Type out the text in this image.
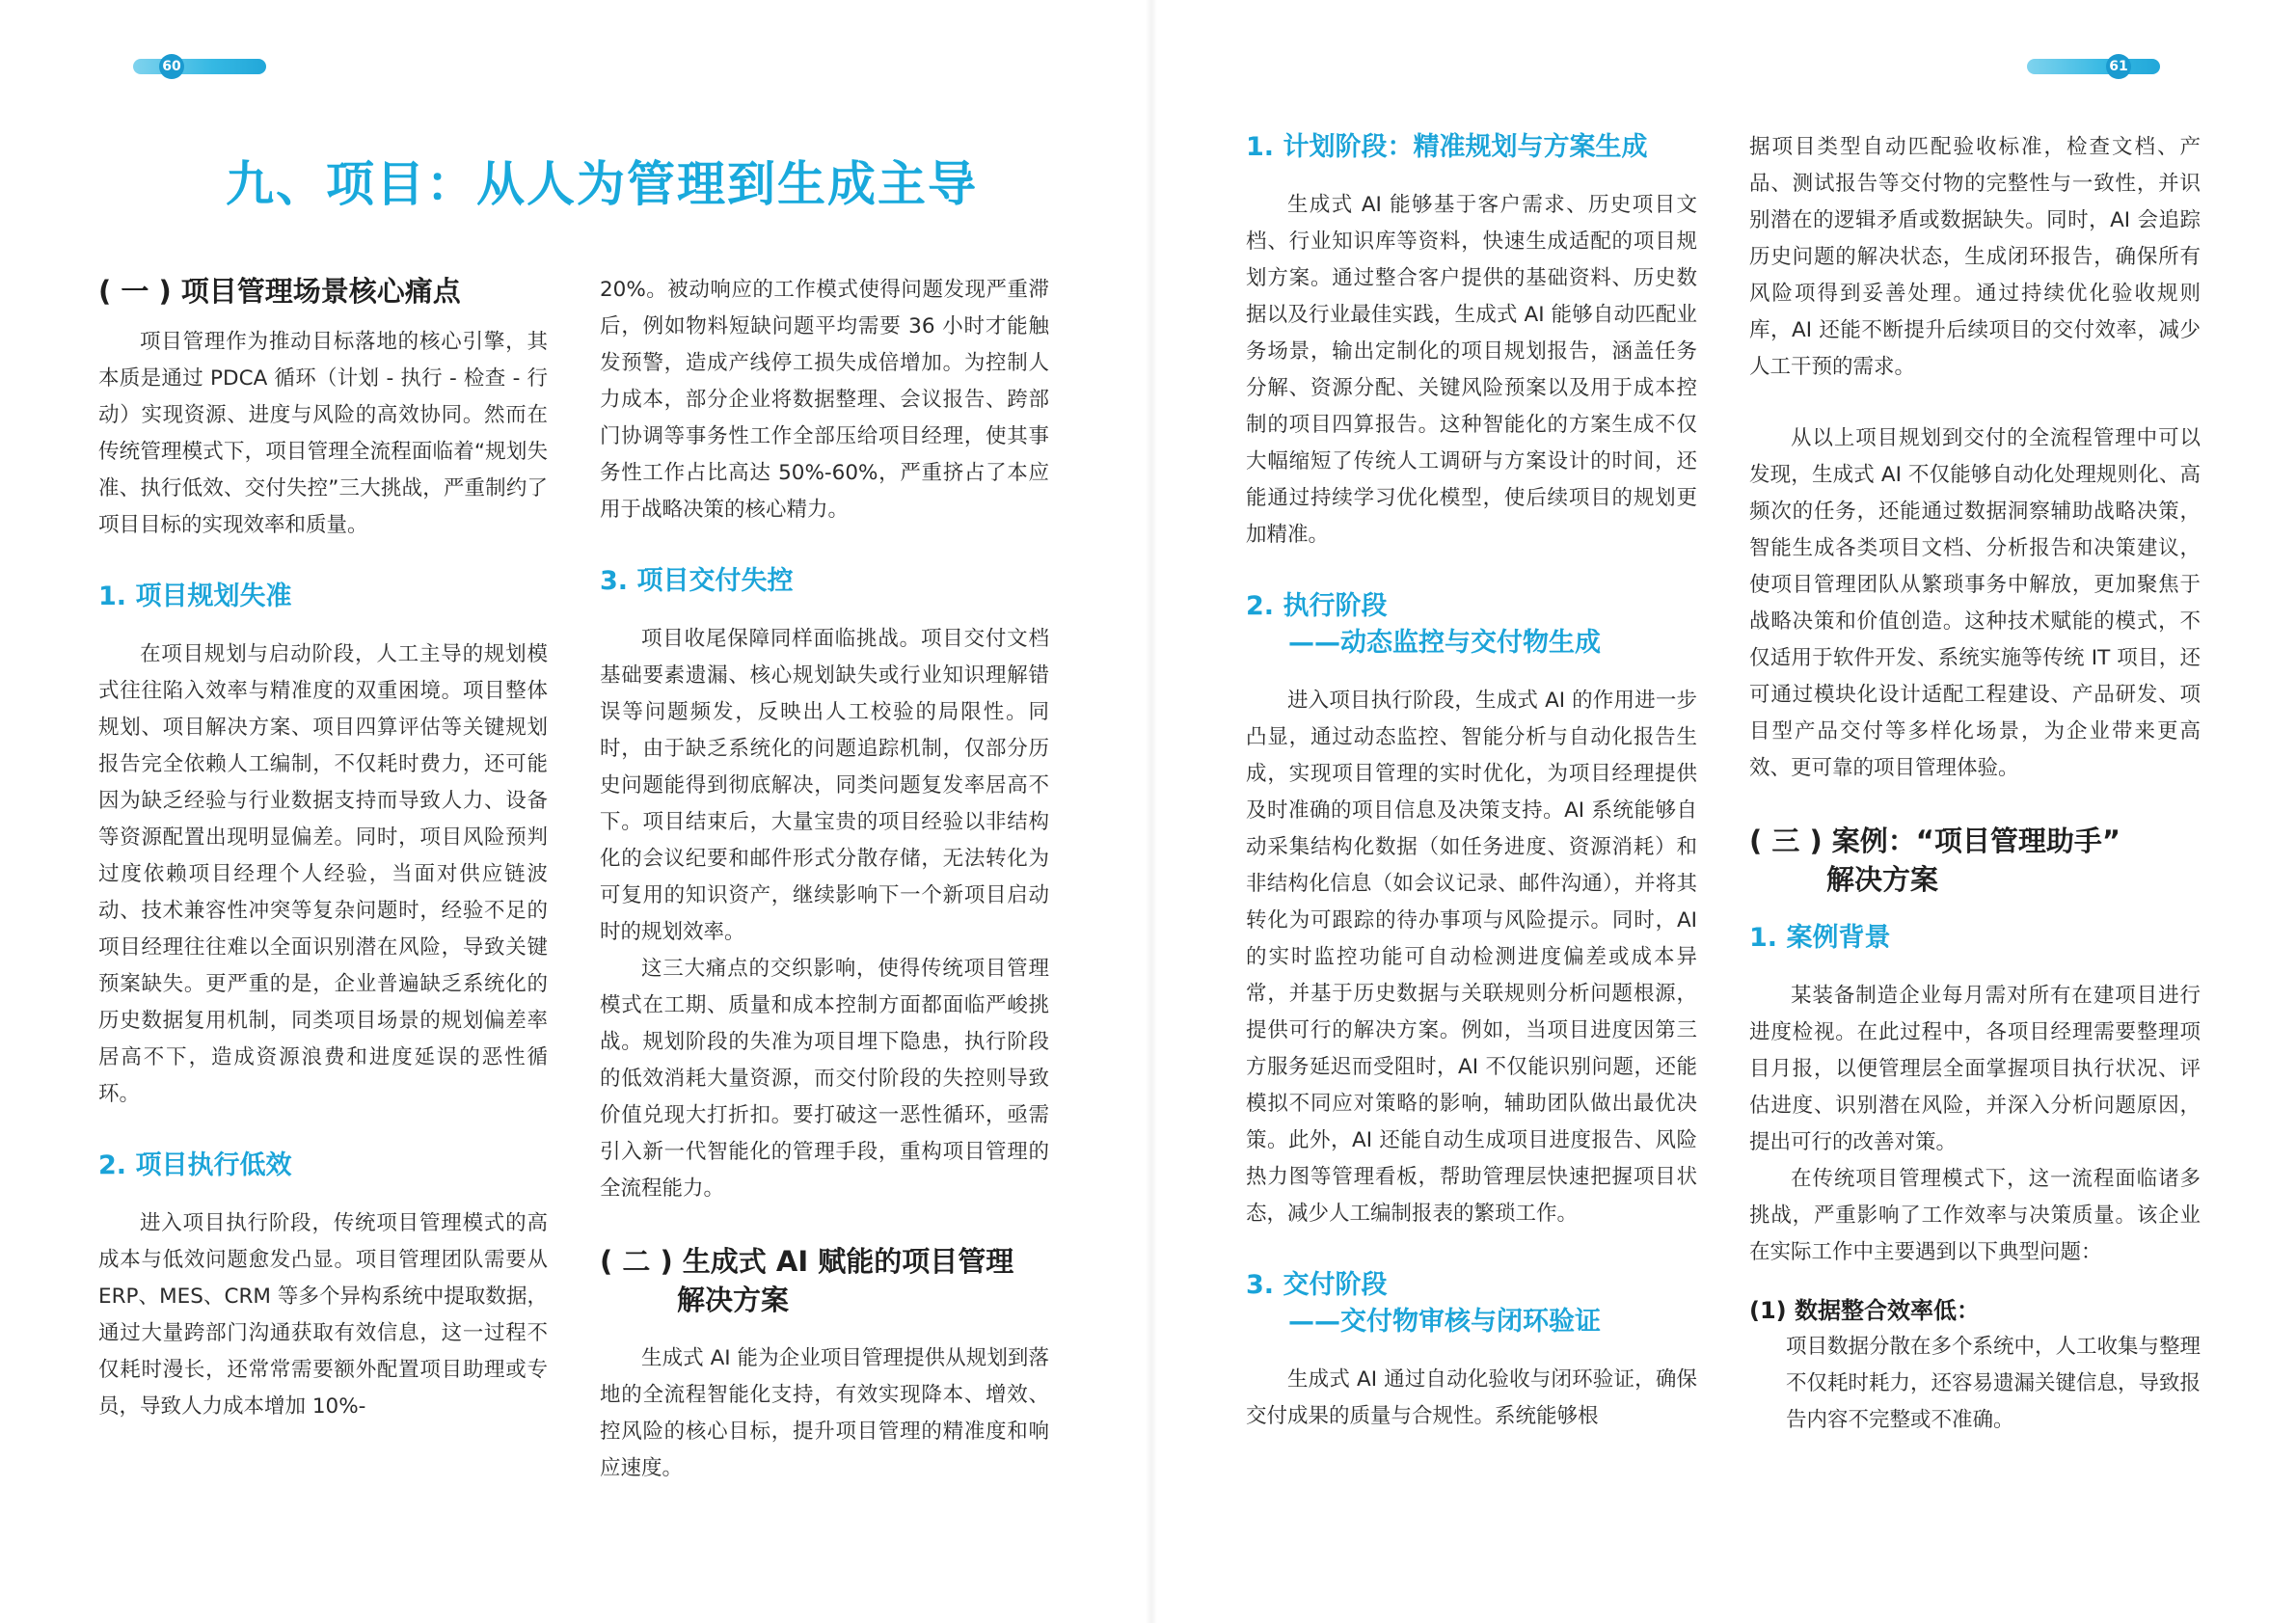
60	61
九、项目：从人为管理到生成主导
( 一 ) 项目管理场景核心痛点

项目管理作为推动目标落地的核心引擎，其本质是通过 PDCA 循环（计划 - 执行 - 检查 - 行动）实现资源、进度与风险的高效协同。然而在传统管理模式下，项目管理全流程面临着“规划失准、执行低效、交付失控”三大挑战，严重制约了项目目标的实现效率和质量。

1. 项目规划失准

在项目规划与启动阶段，人工主导的规划模式往往陷入效率与精准度的双重困境。项目整体规划、项目解决方案、项目四算评估等关键规划报告完全依赖人工编制，不仅耗时费力，还可能因为缺乏经验与行业数据支持而导致人力、设备等资源配置出现明显偏差。同时，项目风险预判过度依赖项目经理个人经验，当面对供应链波动、技术兼容性冲突等复杂问题时，经验不足的项目经理往往难以全面识别潜在风险，导致关键预案缺失。更严重的是，企业普遍缺乏系统化的历史数据复用机制，同类项目场景的规划偏差率居高不下，造成资源浪费和进度延误的恶性循环。

2. 项目执行低效

进入项目执行阶段，传统项目管理模式的高成本与低效问题愈发凸显。项目管理团队需要从 ERP、MES、CRM 等多个异构系统中提取数据，通过大量跨部门沟通获取有效信息，这一过程不仅耗时漫长，还常常需要额外配置项目助理或专员，导致人力成本增加 10%-

20%。被动响应的工作模式使得问题发现严重滞后，例如物料短缺问题平均需要 36 小时才能触发预警，造成产线停工损失成倍增加。为控制人力成本，部分企业将数据整理、会议报告、跨部门协调等事务性工作全部压给项目经理，使其事务性工作占比高达 50%-60%，严重挤占了本应用于战略决策的核心精力。

3. 项目交付失控

项目收尾保障同样面临挑战。项目交付文档基础要素遗漏、核心规划缺失或行业知识理解错误等问题频发，反映出人工校验的局限性。同时，由于缺乏系统化的问题追踪机制，仅部分历史问题能得到彻底解决，同类问题复发率居高不下。项目结束后，大量宝贵的项目经验以非结构化的会议纪要和邮件形式分散存储，无法转化为可复用的知识资产，继续影响下一个新项目启动时的规划效率。

这三大痛点的交织影响，使得传统项目管理模式在工期、质量和成本控制方面都面临严峻挑战。规划阶段的失准为项目埋下隐患，执行阶段的低效消耗大量资源，而交付阶段的失控则导致价值兑现大打折扣。要打破这一恶性循环，亟需引入新一代智能化的管理手段，重构项目管理的全流程能力。

( 二 ) 生成式 AI 赋能的项目管理
解决方案

生成式 AI 能为企业项目管理提供从规划到落地的全流程智能化支持，有效实现降本、增效、控风险的核心目标，提升项目管理的精准度和响应速度。

1. 计划阶段：精准规划与方案生成

生成式 AI 能够基于客户需求、历史项目文档、行业知识库等资料，快速生成适配的项目规划方案。通过整合客户提供的基础资料、历史数据以及行业最佳实践，生成式 AI 能够自动匹配业务场景，输出定制化的项目规划报告，涵盖任务分解、资源分配、关键风险预案以及用于成本控制的项目四算报告。这种智能化的方案生成不仅大幅缩短了传统人工调研与方案设计的时间，还能通过持续学习优化模型，使后续项目的规划更加精准。

2. 执行阶段
——动态监控与交付物生成

进入项目执行阶段，生成式 AI 的作用进一步凸显，通过动态监控、智能分析与自动化报告生成，实现项目管理的实时优化，为项目经理提供及时准确的项目信息及决策支持。AI 系统能够自动采集结构化数据（如任务进度、资源消耗）和非结构化信息（如会议记录、邮件沟通），并将其转化为可跟踪的待办事项与风险提示。同时，AI 的实时监控功能可自动检测进度偏差或成本异常，并基于历史数据与关联规则分析问题根源，提供可行的解决方案。例如，当项目进度因第三方服务延迟而受阻时，AI 不仅能识别问题，还能模拟不同应对策略的影响，辅助团队做出最优决策。此外，AI 还能自动生成项目进度报告、风险热力图等管理看板，帮助管理层快速把握项目状态，减少人工编制报表的繁琐工作。

3. 交付阶段
——交付物审核与闭环验证

生成式 AI 通过自动化验收与闭环验证，确保交付成果的质量与合规性。系统能够根

据项目类型自动匹配验收标准，检查文档、产品、测试报告等交付物的完整性与一致性，并识别潜在的逻辑矛盾或数据缺失。同时，AI 会追踪历史问题的解决状态，生成闭环报告，确保所有风险项得到妥善处理。通过持续优化验收规则库，AI 还能不断提升后续项目的交付效率，减少人工干预的需求。

从以上项目规划到交付的全流程管理中可以发现，生成式 AI 不仅能够自动化处理规则化、高频次的任务，还能通过数据洞察辅助战略决策，智能生成各类项目文档、分析报告和决策建议，使项目管理团队从繁琐事务中解放，更加聚焦于战略决策和价值创造。这种技术赋能的模式，不仅适用于软件开发、系统实施等传统 IT 项目，还可通过模块化设计适配工程建设、产品研发、项目型产品交付等多样化场景，为企业带来更高效、更可靠的项目管理体验。

( 三 ) 案例：“项目管理助手”
解决方案
1. 案例背景

某装备制造企业每月需对所有在建项目进行进度检视。在此过程中，各项目经理需要整理项目月报，以便管理层全面掌握项目执行状况、评估进度、识别潜在风险，并深入分析问题原因，提出可行的改善对策。

在传统项目管理模式下，这一流程面临诸多挑战，严重影响了工作效率与决策质量。该企业在实际工作中主要遇到以下典型问题：

(1) 数据整合效率低：

项目数据分散在多个系统中，人工收集与整理不仅耗时耗力，还容易遗漏关键信息，导致报告内容不完整或不准确。
